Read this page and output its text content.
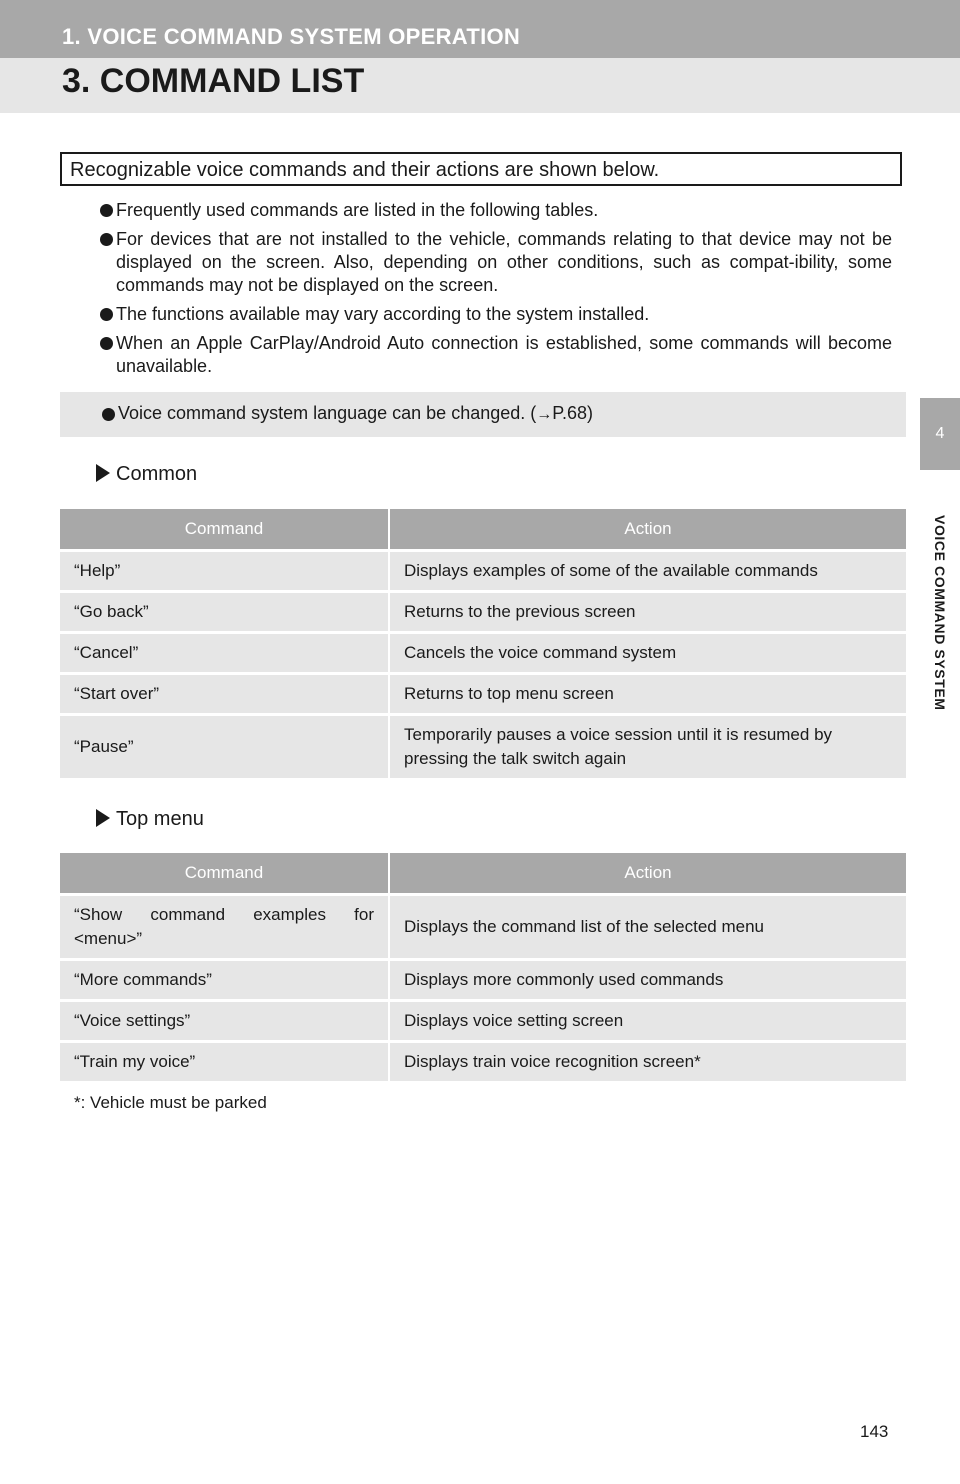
1. VOICE COMMAND SYSTEM OPERATION
3. COMMAND LIST
4
VOICE COMMAND SYSTEM
Recognizable voice commands and their actions are shown below.
Frequently used commands are listed in the following tables.
For devices that are not installed to the vehicle, commands relating to that device may not be displayed on the screen. Also, depending on other conditions, such as compat-ibility, some commands may not be displayed on the screen.
The functions available may vary according to the system installed.
When an Apple CarPlay/Android Auto connection is established, some commands will become unavailable.
Voice command system language can be changed. (→P.68)
Common
Command	Action
“Help”	Displays examples of some of the available commands
“Go back”	Returns to the previous screen
“Cancel”	Cancels the voice command system
“Start over”	Returns to top menu screen
“Pause”	Temporarily pauses a voice session until it is resumed by pressing the talk switch again
Top menu
Command	Action
“Show command examples for <menu>”	Displays the command list of the selected menu
“More commands”	Displays more commonly used commands
“Voice settings”	Displays voice setting screen
“Train my voice”	Displays train voice recognition screen*
*: Vehicle must be parked
143
